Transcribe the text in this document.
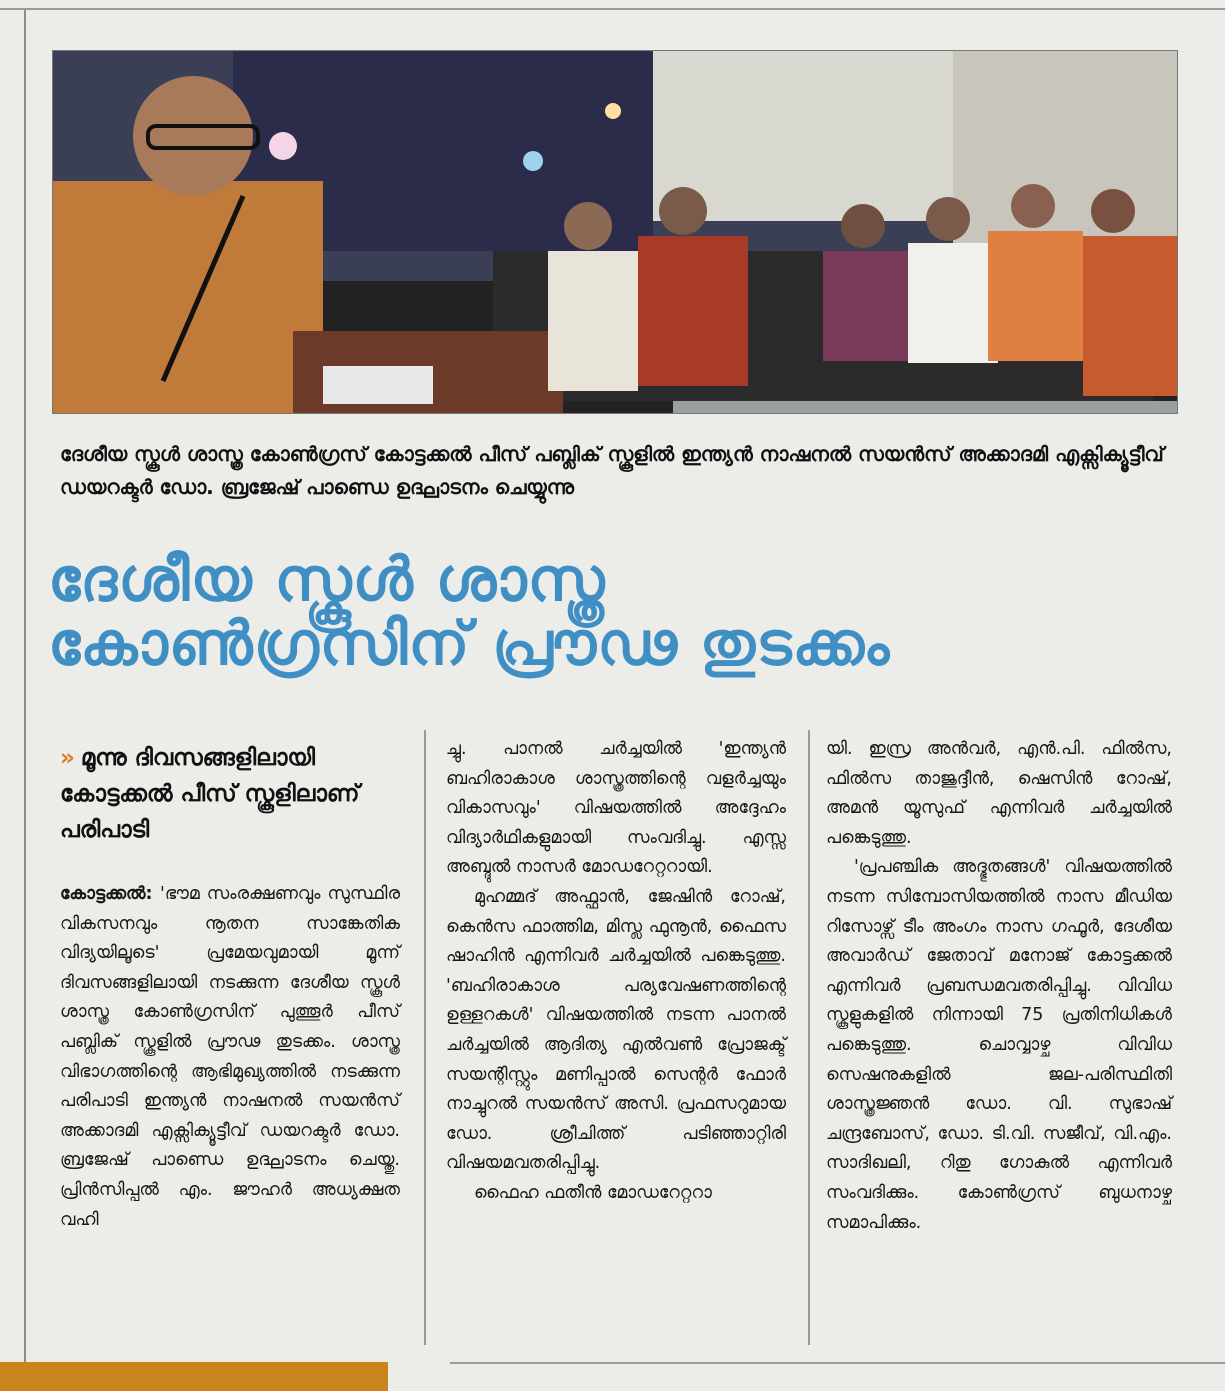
ദേശീയ സ്കൂൾ ശാസ്ത്ര കോൺഗ്രസ് കോട്ടക്കൽ പീസ് പബ്ലിക് സ്കൂളിൽ ഇന്ത്യൻ നാഷനൽ സയൻസ് അക്കാദമി എക്സിക്യൂട്ടീവ് ഡയറക്ടർ ഡോ. ബ്രജേഷ് പാണ്ഡെ ഉദ്ഘാടനം ചെയ്യുന്നു
ദേശീയ സ്കൂൾ ശാസ്ത്ര
കോൺഗ്രസിന് പ്രൗഢ തുടക്കം
» മൂന്നു ദിവസങ്ങളിലായി കോട്ടക്കൽ പീസ് സ്കൂളിലാണ് പരിപാടി

കോട്ടക്കൽ: 'ഭൗമ സംരക്ഷണവും സുസ്ഥിര വികസനവും നൂതന സാങ്കേതിക വിദ്യയിലൂടെ' പ്രമേയവുമായി മൂന്ന് ദിവസങ്ങളിലായി നടക്കുന്ന ദേശീയ സ്കൂൾ ശാസ്ത്ര കോൺഗ്രസിന് പുത്തൂർ പീസ് പബ്ലിക് സ്കൂളിൽ പ്രൗഢ തുടക്കം. ശാസ്ത്ര വിഭാഗത്തിന്റെ ആഭിമുഖ്യത്തിൽ നടക്കുന്ന പരിപാടി ഇന്ത്യൻ നാഷനൽ സയൻസ് അക്കാദമി എക്സിക്യൂട്ടീവ് ഡയറക്ടർ ഡോ. ബ്രജേഷ് പാണ്ഡെ ഉദ്ഘാടനം ചെയ്തു. പ്രിൻസിപ്പൽ എം. ജൗഹർ അധ്യക്ഷത വഹി

ച്ചു. പാനൽ ചർച്ചയിൽ 'ഇന്ത്യൻ ബഹിരാകാശ ശാസ്ത്രത്തിന്റെ വളർച്ചയും വികാസവും' വിഷയത്തിൽ അദ്ദേഹം വിദ്യാർഥികളുമായി സംവദിച്ചു. എസ്സ അബ്ദുൽ നാസർ മോഡറേറ്ററായി.

മുഹമ്മദ് അഫ്ഫാൻ, ജേഷിൻ റോഷ്, കെൻസ ഫാത്തിമ, മിസ്ല ഫുനൂൻ, ഫൈസ ഷാഹിൻ എന്നിവർ ചർച്ചയിൽ പങ്കെടുത്തു. 'ബഹിരാകാശ പര്യവേഷണത്തിന്റെ ഉള്ളറകൾ' വിഷയത്തിൽ നടന്ന പാനൽ ചർച്ചയിൽ ആദിത്യ എൽവൺ പ്രോജക്ട് സയന്റിസ്റ്റും മണിപ്പാൽ സെന്റർ ഫോർ നാച്ചുറൽ സയൻസ് അസി. പ്രഫസറുമായ ഡോ. ശ്രീചിത്ത് പടിഞ്ഞാറ്റിരി വിഷയമവതരിപ്പിച്ചു.

ഫൈഹ ഫതീൻ മോഡറേറ്ററാ

യി. ഇസ്ര അൻവർ, എൻ.പി. ഫിൽസ, ഫിൽസ താജുദ്ദീൻ, ഷെസിൻ റോഷ്, അമൻ യൂസുഫ് എന്നിവർ ചർച്ചയിൽ പങ്കെടുത്തു.

'പ്രപഞ്ചിക അദ്ഭുതങ്ങൾ' വിഷയത്തിൽ നടന്ന സിമ്പോസിയത്തിൽ നാസ മീഡിയ റിസോഴ്സ് ടീം അംഗം നാസ ഗഫൂർ, ദേശീയ അവാർഡ് ജേതാവ് മനോജ് കോട്ടക്കൽ എന്നിവർ പ്രബന്ധമവതരിപ്പിച്ചു. വിവിധ സ്കൂളുകളിൽ നിന്നായി 75 പ്രതിനിധികൾ പങ്കെടുത്തു. ചൊവ്വാഴ്ച വിവിധ സെഷനുകളിൽ ജല-പരിസ്ഥിതി ശാസ്ത്രജ്ഞൻ ഡോ. വി. സുഭാഷ് ചന്ദ്രബോസ്, ഡോ. ടി.വി. സജീവ്, വി.എം. സാദിഖലി, റിതു ഗോകുൽ എന്നിവർ സംവദിക്കും. കോൺഗ്രസ് ബുധനാഴ്ച സമാപിക്കും.
